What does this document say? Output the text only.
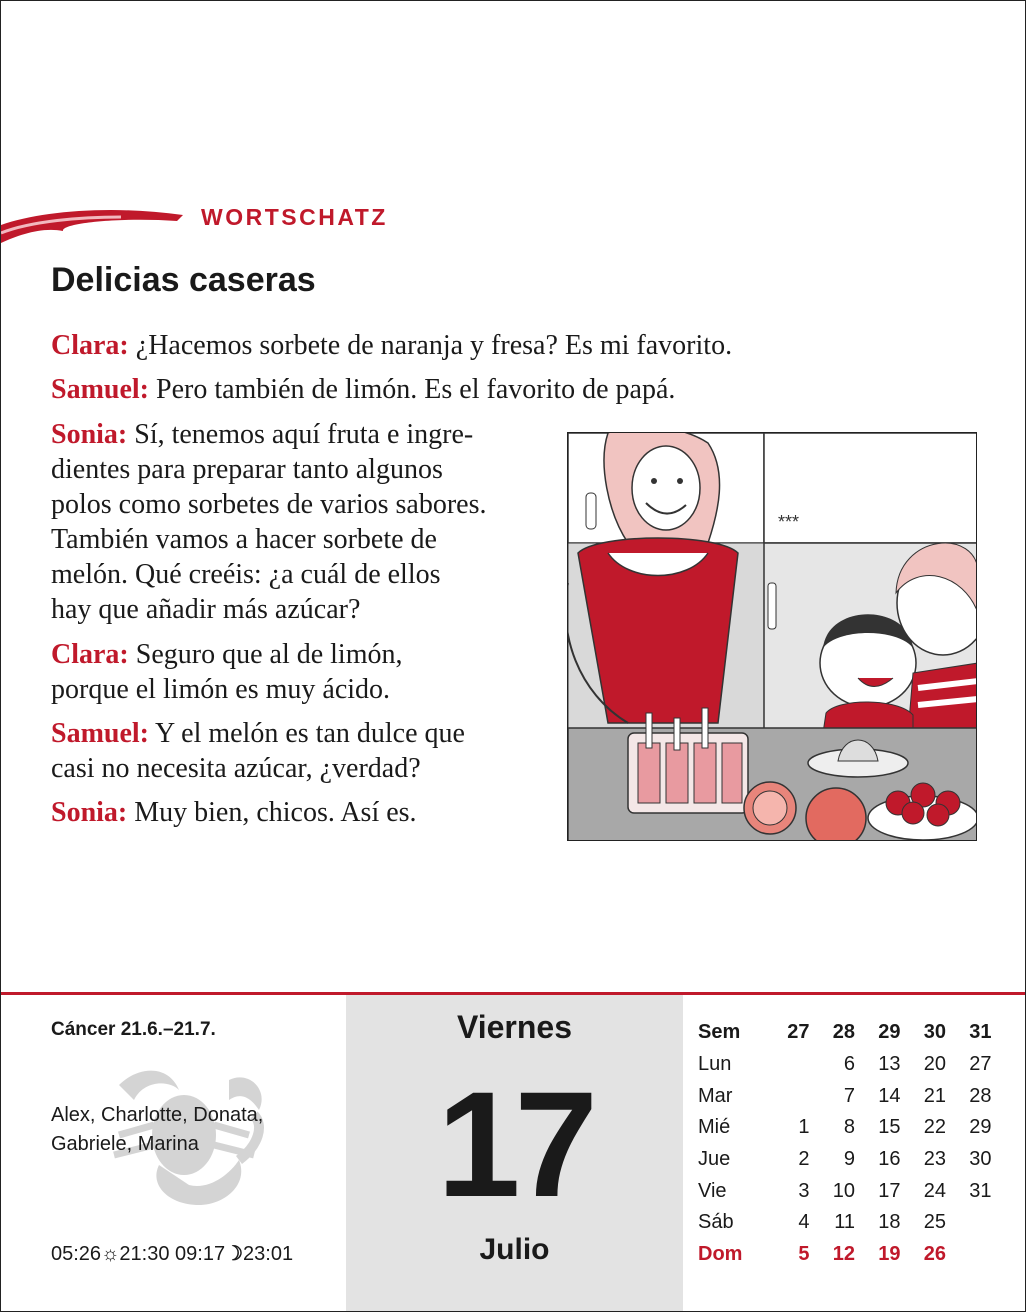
WORTSCHATZ
Delicias caseras
Clara: ¿Hacemos sorbete de naranja y fresa? Es mi favorito.
Samuel: Pero también de limón. Es el favorito de papá.
Sonia: Sí, tenemos aquí fruta e ingre-
dientes para preparar tanto algunos
polos como sorbetes de varios sabores.
También vamos a hacer sorbete de
melón. Qué creéis: ¿a cuál de ellos
hay que añadir más azúcar?
Clara: Seguro que al de limón,
porque el limón es muy ácido.
Samuel: Y el melón es tan dulce que
casi no necesita azúcar, ¿verdad?
Sonia: Muy bien, chicos. Así es.
***
Cáncer 21.6.–21.7.
Alex, Charlotte, Donata,
Gabriele, Marina
05:26☼21:30 09:17☽23:01
Viernes
17
Julio
Sem	27	28	29	30	31
Lun		6	13	20	27
Mar		7	14	21	28
Mié	1	8	15	22	29
Jue	2	9	16	23	30
Vie	3	10	17	24	31
Sáb	4	11	18	25	
Dom	5	12	19	26	
